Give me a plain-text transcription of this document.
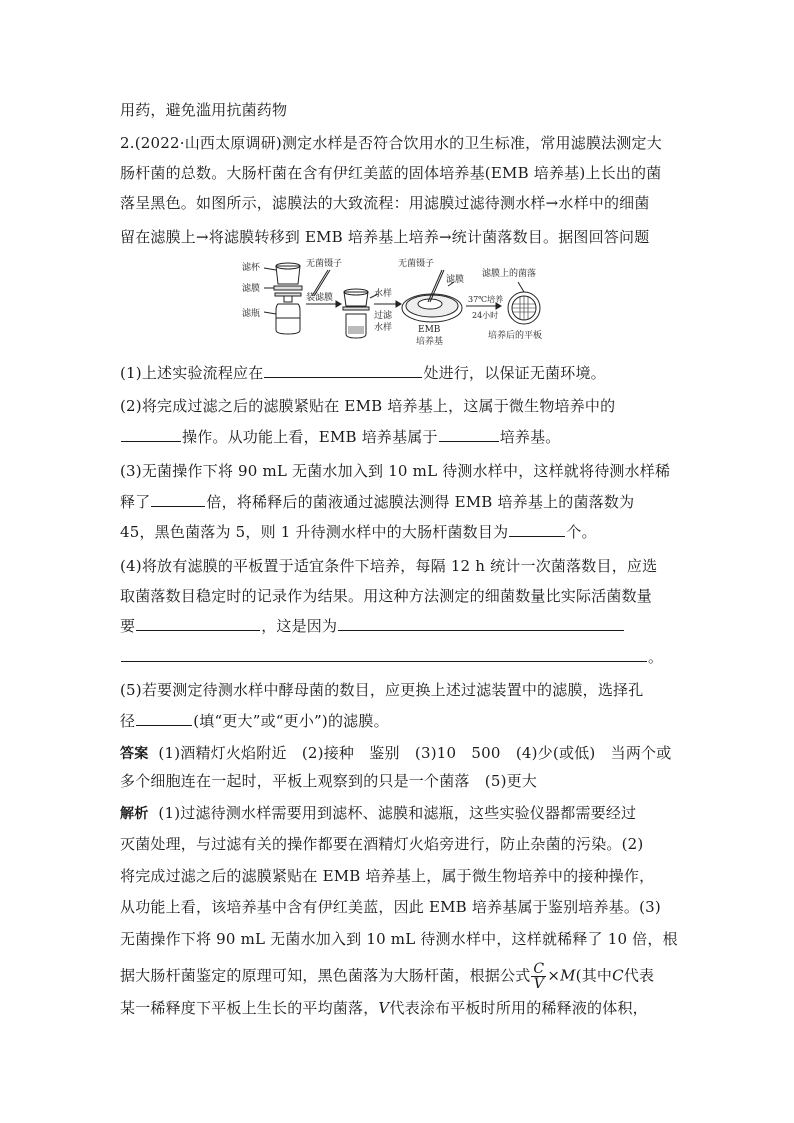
用药，避免滥用抗菌药物
2.(2022·山西太原调研)测定水样是否符合饮用水的卫生标准，常用滤膜法测定大
肠杆菌的总数。大肠杆菌在含有伊红美蓝的固体培养基(EMB 培养基)上长出的菌
落呈黑色。如图所示，滤膜法的大致流程：用滤膜过滤待测水样→水样中的细菌
留在滤膜上→将滤膜转移到 EMB 培养基上培养→统计菌落数目。据图回答问题
滤杯
滤膜
滤瓶
无菌镊子
装滤膜	水样
过滤
水样
无菌镊子
滤膜
EMB
培养基
37℃培养
24小时
滤膜上的菌落
培养后的平板
(1)上述实验流程应在	处进行，以保证无菌环境。
(2)将完成过滤之后的滤膜紧贴在 EMB 培养基上，这属于微生物培养中的
操作。从功能上看，EMB 培养基属于	培养基。
(3)无菌操作下将 90 mL 无菌水加入到 10 mL 待测水样中，这样就将待测水样稀
释了	倍，将稀释后的菌液通过滤膜法测得 EMB 培养基上的菌落数为
45，黑色菌落为 5，则 1 升待测水样中的大肠杆菌数目为	个。
(4)将放有滤膜的平板置于适宜条件下培养，每隔 12 h 统计一次菌落数目，应选
取菌落数目稳定时的记录作为结果。用这种方法测定的细菌数量比实际活菌数量
要	，这是因为
。
(5)若要测定待测水样中酵母菌的数目，应更换上述过滤装置中的滤膜，选择孔
径	(填“更大”或“更小”)的滤膜。
答案 (1)酒精灯火焰附近　(2)接种　鉴别　(3)10　500　(4)少(或低)　当两个或
多个细胞连在一起时，平板上观察到的只是一个菌落　(5)更大
解析 (1)过滤待测水样需要用到滤杯、滤膜和滤瓶，这些实验仪器都需要经过
灭菌处理，与过滤有关的操作都要在酒精灯火焰旁进行，防止杂菌的污染。(2)
将完成过滤之后的滤膜紧贴在 EMB 培养基上，属于微生物培养中的接种操作，
从功能上看，该培养基中含有伊红美蓝，因此 EMB 培养基属于鉴别培养基。(3)
无菌操作下将 90 mL 无菌水加入到 10 mL 待测水样中，这样就稀释了 10 倍，根
据大肠杆菌鉴定的原理可知，黑色菌落为大肠杆菌，根据公式 $\frac{C}{V} \times M$(其中C代表
某一稀释度下平板上生长的平均菌落，V代表涂布平板时所用的稀释液的体积，
